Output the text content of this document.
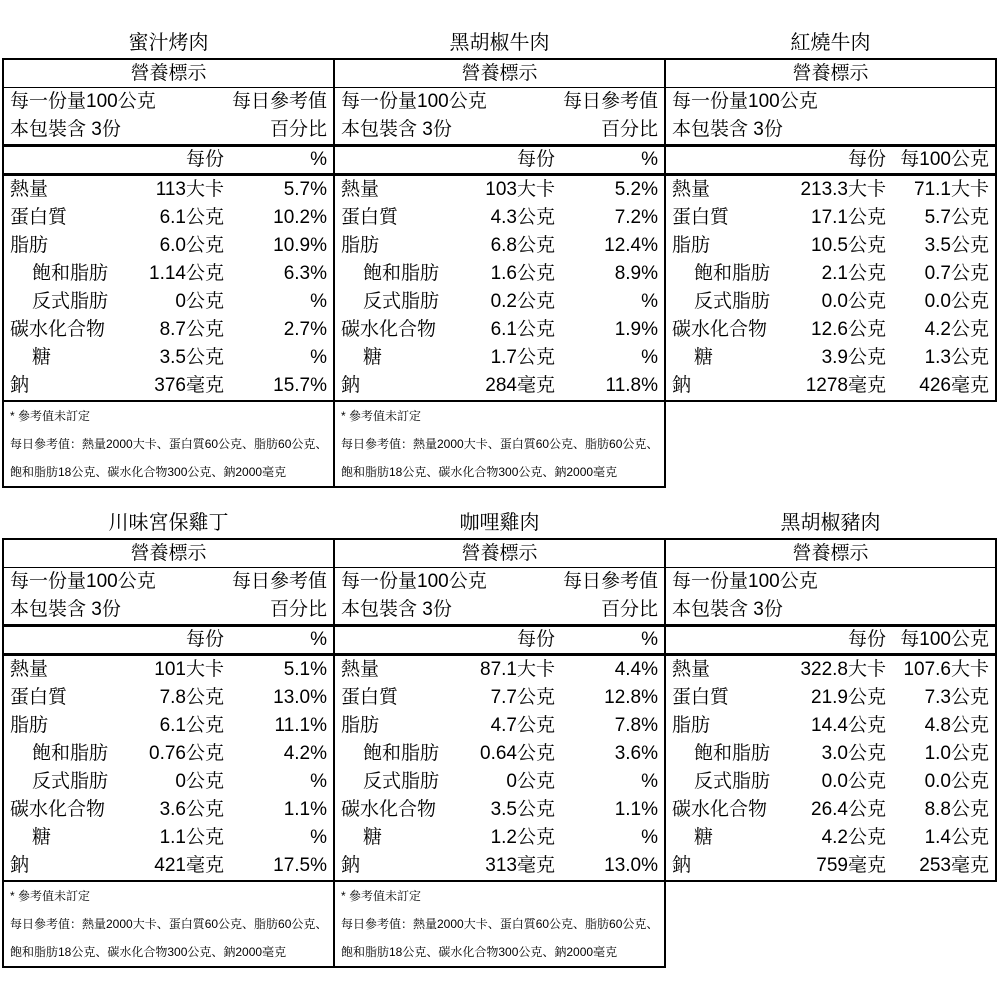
蜜汁烤肉
營養標示
每一份量100公克	每日參考值
本包裝含 3份	百分比
每份	%
熱量	113大卡	5.7%
蛋白質	6.1公克	10.2%
脂肪	6.0公克	10.9%
飽和脂肪	1.14公克	6.3%
反式脂肪	0公克	%
碳水化合物	8.7公克	2.7%
糖	3.5公克	%
鈉	376毫克	15.7%
* 參考值未訂定
每日參考值：熱量2000大卡、蛋白質60公克、脂肪60公克、
飽和脂肪18公克、碳水化合物300公克、鈉2000毫克
黑胡椒牛肉
營養標示
每一份量100公克	每日參考值
本包裝含 3份	百分比
每份	%
熱量	103大卡	5.2%
蛋白質	4.3公克	7.2%
脂肪	6.8公克	12.4%
飽和脂肪	1.6公克	8.9%
反式脂肪	0.2公克	%
碳水化合物	6.1公克	1.9%
糖	1.7公克	%
鈉	284毫克	11.8%
* 參考值未訂定
每日參考值：熱量2000大卡、蛋白質60公克、脂肪60公克、
飽和脂肪18公克、碳水化合物300公克、鈉2000毫克
紅燒牛肉
營養標示
每一份量100公克
本包裝含 3份
每份 每100公克
熱量	213.3大卡	71.1大卡
蛋白質	17.1公克	5.7公克
脂肪	10.5公克	3.5公克
飽和脂肪	2.1公克	0.7公克
反式脂肪	0.0公克	0.0公克
碳水化合物	12.6公克	4.2公克
糖	3.9公克	1.3公克
鈉	1278毫克	426毫克
川味宮保雞丁
營養標示
每一份量100公克	每日參考值
本包裝含 3份	百分比
每份	%
熱量	101大卡	5.1%
蛋白質	7.8公克	13.0%
脂肪	6.1公克	11.1%
飽和脂肪	0.76公克	4.2%
反式脂肪	0公克	%
碳水化合物	3.6公克	1.1%
糖	1.1公克	%
鈉	421毫克	17.5%
* 參考值未訂定
每日參考值：熱量2000大卡、蛋白質60公克、脂肪60公克、
飽和脂肪18公克、碳水化合物300公克、鈉2000毫克
咖哩雞肉
營養標示
每一份量100公克	每日參考值
本包裝含 3份	百分比
每份	%
熱量	87.1大卡	4.4%
蛋白質	7.7公克	12.8%
脂肪	4.7公克	7.8%
飽和脂肪	0.64公克	3.6%
反式脂肪	0公克	%
碳水化合物	3.5公克	1.1%
糖	1.2公克	%
鈉	313毫克	13.0%
* 參考值未訂定
每日參考值：熱量2000大卡、蛋白質60公克、脂肪60公克、
飽和脂肪18公克、碳水化合物300公克、鈉2000毫克
黑胡椒豬肉
營養標示
每一份量100公克
本包裝含 3份
每份 每100公克
熱量	322.8大卡 107.6大卡
蛋白質	21.9公克	7.3公克
脂肪	14.4公克	4.8公克
飽和脂肪	3.0公克	1.0公克
反式脂肪	0.0公克	0.0公克
碳水化合物	26.4公克	8.8公克
糖	4.2公克	1.4公克
鈉	759毫克	253毫克
